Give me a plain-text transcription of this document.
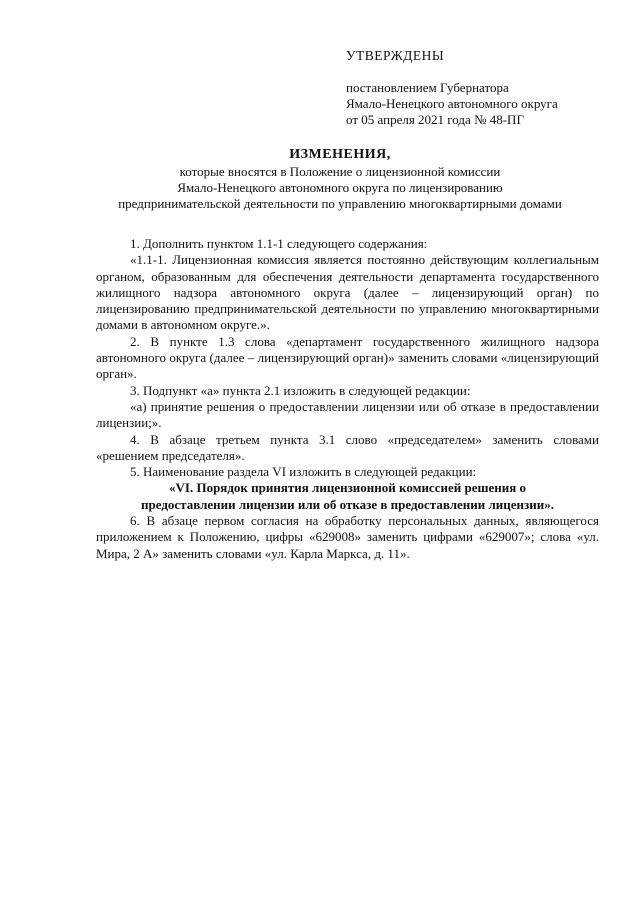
УТВЕРЖДЕНЫ
постановлением Губернатора
Ямало-Ненецкого автономного округа
от 05 апреля 2021 года № 48-ПГ
ИЗМЕНЕНИЯ,
которые вносятся в Положение о лицензионной комиссии
Ямало-Ненецкого автономного округа по лицензированию
предпринимательской деятельности по управлению многоквартирными домами

1. Дополнить пунктом 1.1-1 следующего содержания:

«1.1-1. Лицензионная комиссия является постоянно действующим коллегиальным органом, образованным для обеспечения деятельности департамента государственного жилищного надзора автономного округа (далее – лицензирующий орган) по лицензированию предпринимательской деятельности по управлению многоквартирными домами в автономном округе.».

2. В пункте 1.3 слова «департамент государственного жилищного надзора автономного округа (далее – лицензирующий орган)» заменить словами «лицензирующий орган».

3. Подпункт «а» пункта 2.1 изложить в следующей редакции:

«а) принятие решения о предоставлении лицензии или об отказе в предоставлении лицензии;».

4. В абзаце третьем пункта 3.1 слово «председателем» заменить словами «решением председателя».

5. Наименование раздела VI изложить в следующей редакции:

«VI. Порядок принятия лицензионной комиссией решения о

предоставлении лицензии или об отказе в предоставлении лицензии».

6. В абзаце первом согласия на обработку персональных данных, являющегося приложением к Положению, цифры «629008» заменить цифрами «629007»; слова «ул. Мира, 2 А» заменить словами «ул. Карла Маркса, д. 11».
